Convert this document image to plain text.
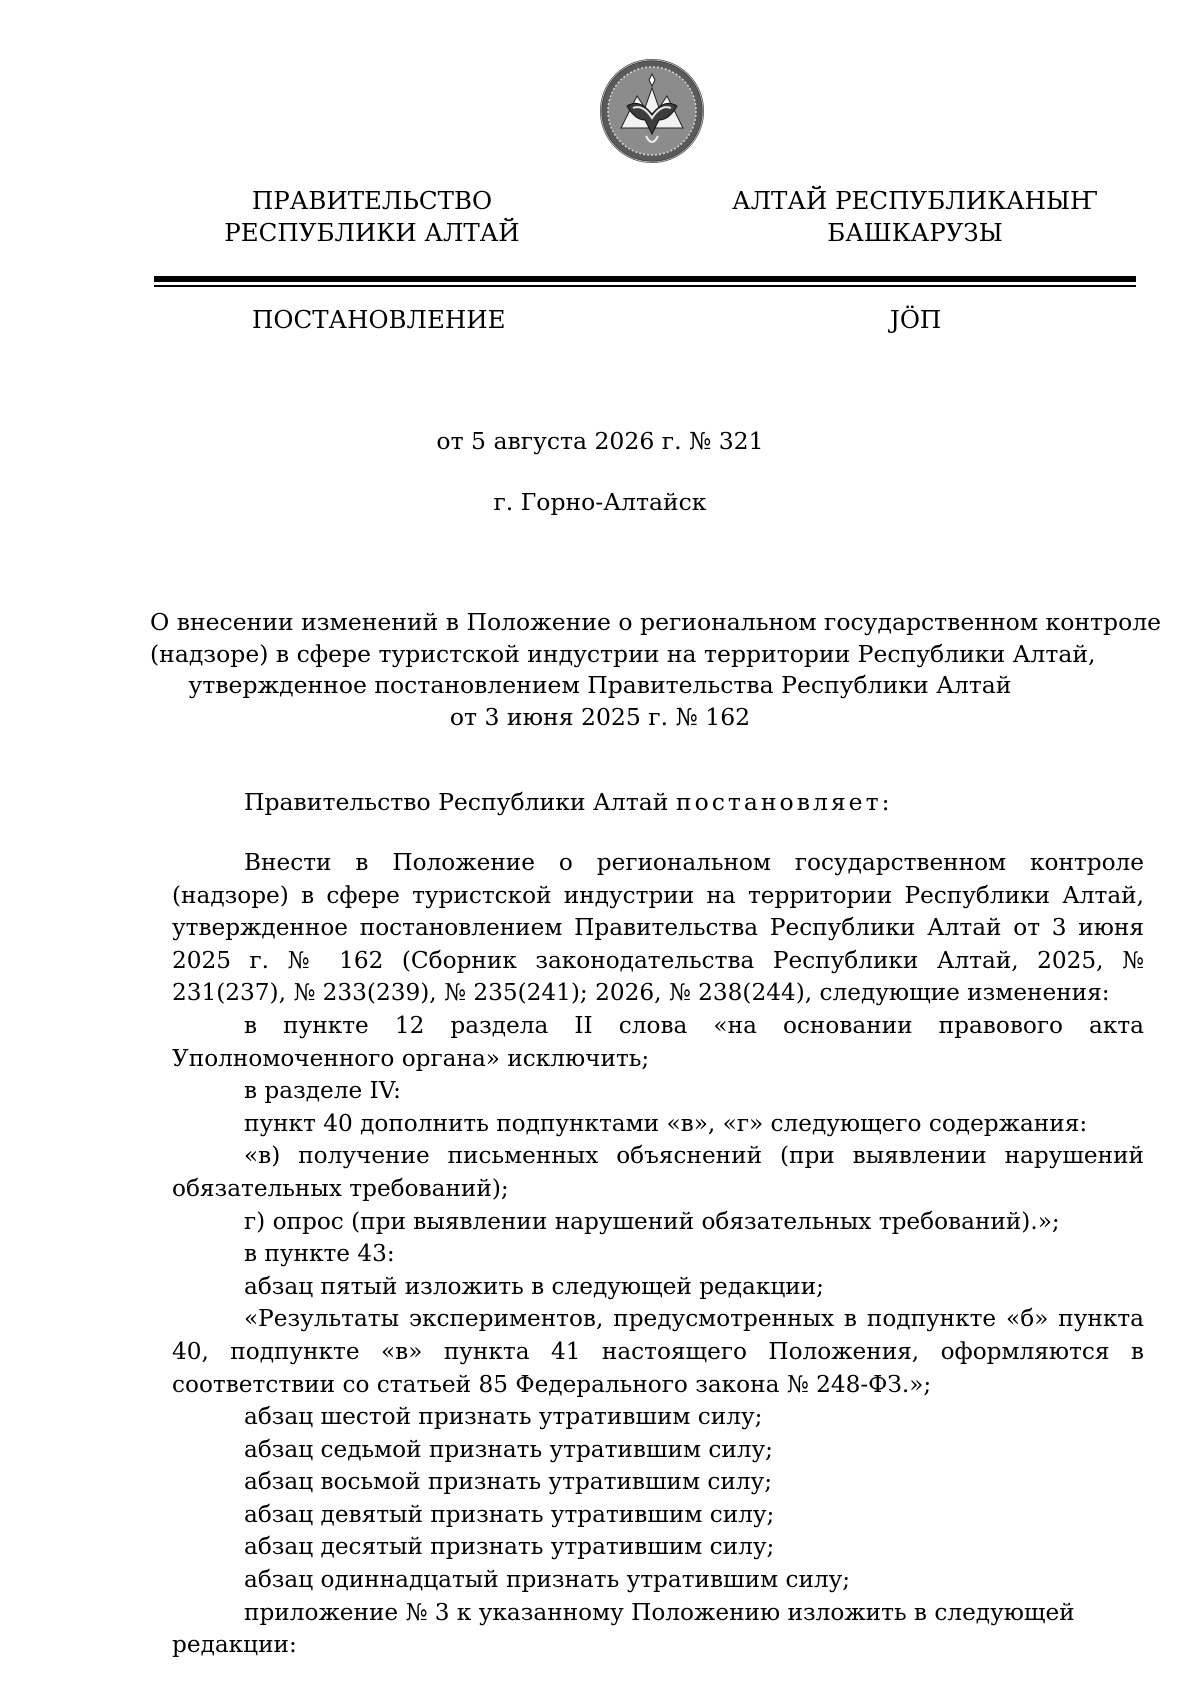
ПРАВИТЕЛЬСТВО
РЕСПУБЛИКИ АЛТАЙ
АЛТАЙ РЕСПУБЛИКАНЫҤ
БАШКАРУЗЫ
ПОСТАНОВЛЕНИЕ	JӦП
от 5 августа 2026 г. № 321
г. Горно-Алтайск
О внесении изменений в Положение о региональном государственном контроле
(надзоре) в сфере туристской индустрии на территории Республики Алтай,
утвержденное постановлением Правительства Республики Алтай
от 3 июня 2025 г. № 162
Правительство Республики Алтай постановляет:

Внести в Положение о региональном государственном контроле (надзоре) в сфере туристской индустрии на территории Республики Алтай, утвержденное постановлением Правительства Республики Алтай от 3 июня 2025 г. № 162 (Сборник законодательства Республики Алтай, 2025, № 231(237), № 233(239), № 235(241); 2026, № 238(244), следующие изменения:

в пункте 12 раздела II слова «на основании правового акта Уполномоченного органа» исключить;

в разделе IV:

пункт 40 дополнить подпунктами «в», «г» следующего содержания:

«в) получение письменных объяснений (при выявлении нарушений обязательных требований);

г) опрос (при выявлении нарушений обязательных требований).»;

в пункте 43:

абзац пятый изложить в следующей редакции;

«Результаты экспериментов, предусмотренных в подпункте «б» пункта 40, подпункте «в» пункта 41 настоящего Положения, оформляются в соответствии со статьей 85 Федерального закона № 248-ФЗ.»;

абзац шестой признать утратившим силу;

абзац седьмой признать утратившим силу;

абзац восьмой признать утратившим силу;

абзац девятый признать утратившим силу;

абзац десятый признать утратившим силу;

абзац одиннадцатый признать утратившим силу;

приложение № 3 к указанному Положению изложить в следующей редакции:
